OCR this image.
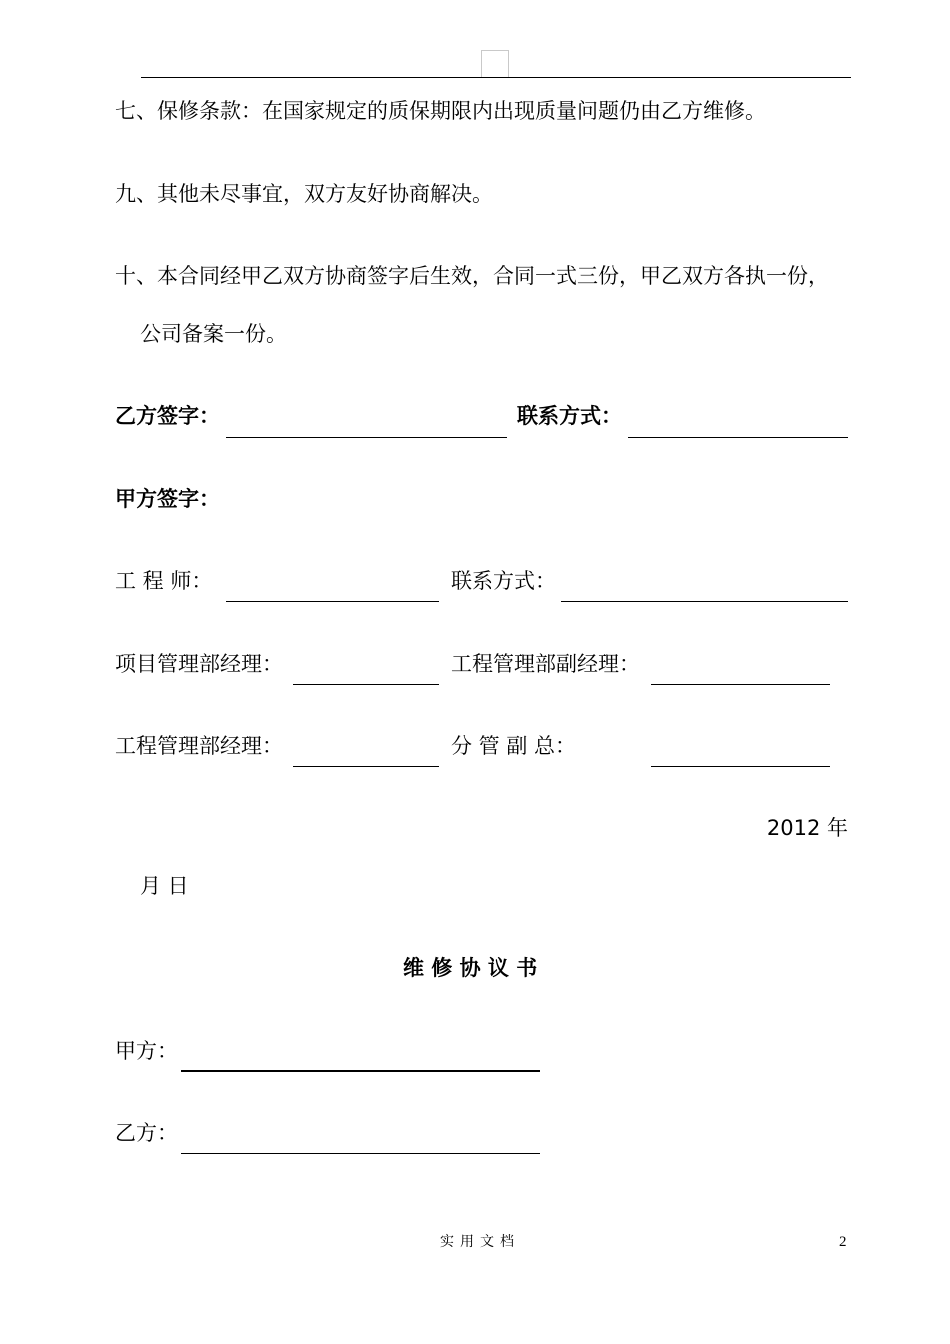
七、保修条款：在国家规定的质保期限内出现质量问题仍由乙方维修。
九、其他未尽事宜，双方友好协商解决。
十、本合同经甲乙双方协商签字后生效，合同一式三份，甲乙双方各执一份，
公司备案一份。
乙方签字：	联系方式：
甲方签字：
工 程 师：	联系方式：
项目管理部经理：	工程管理部副经理：
工程管理部经理：	分 管 副 总：
2012 年
月 日
维 修 协 议 书
甲方：
乙方：
实用文档	2
